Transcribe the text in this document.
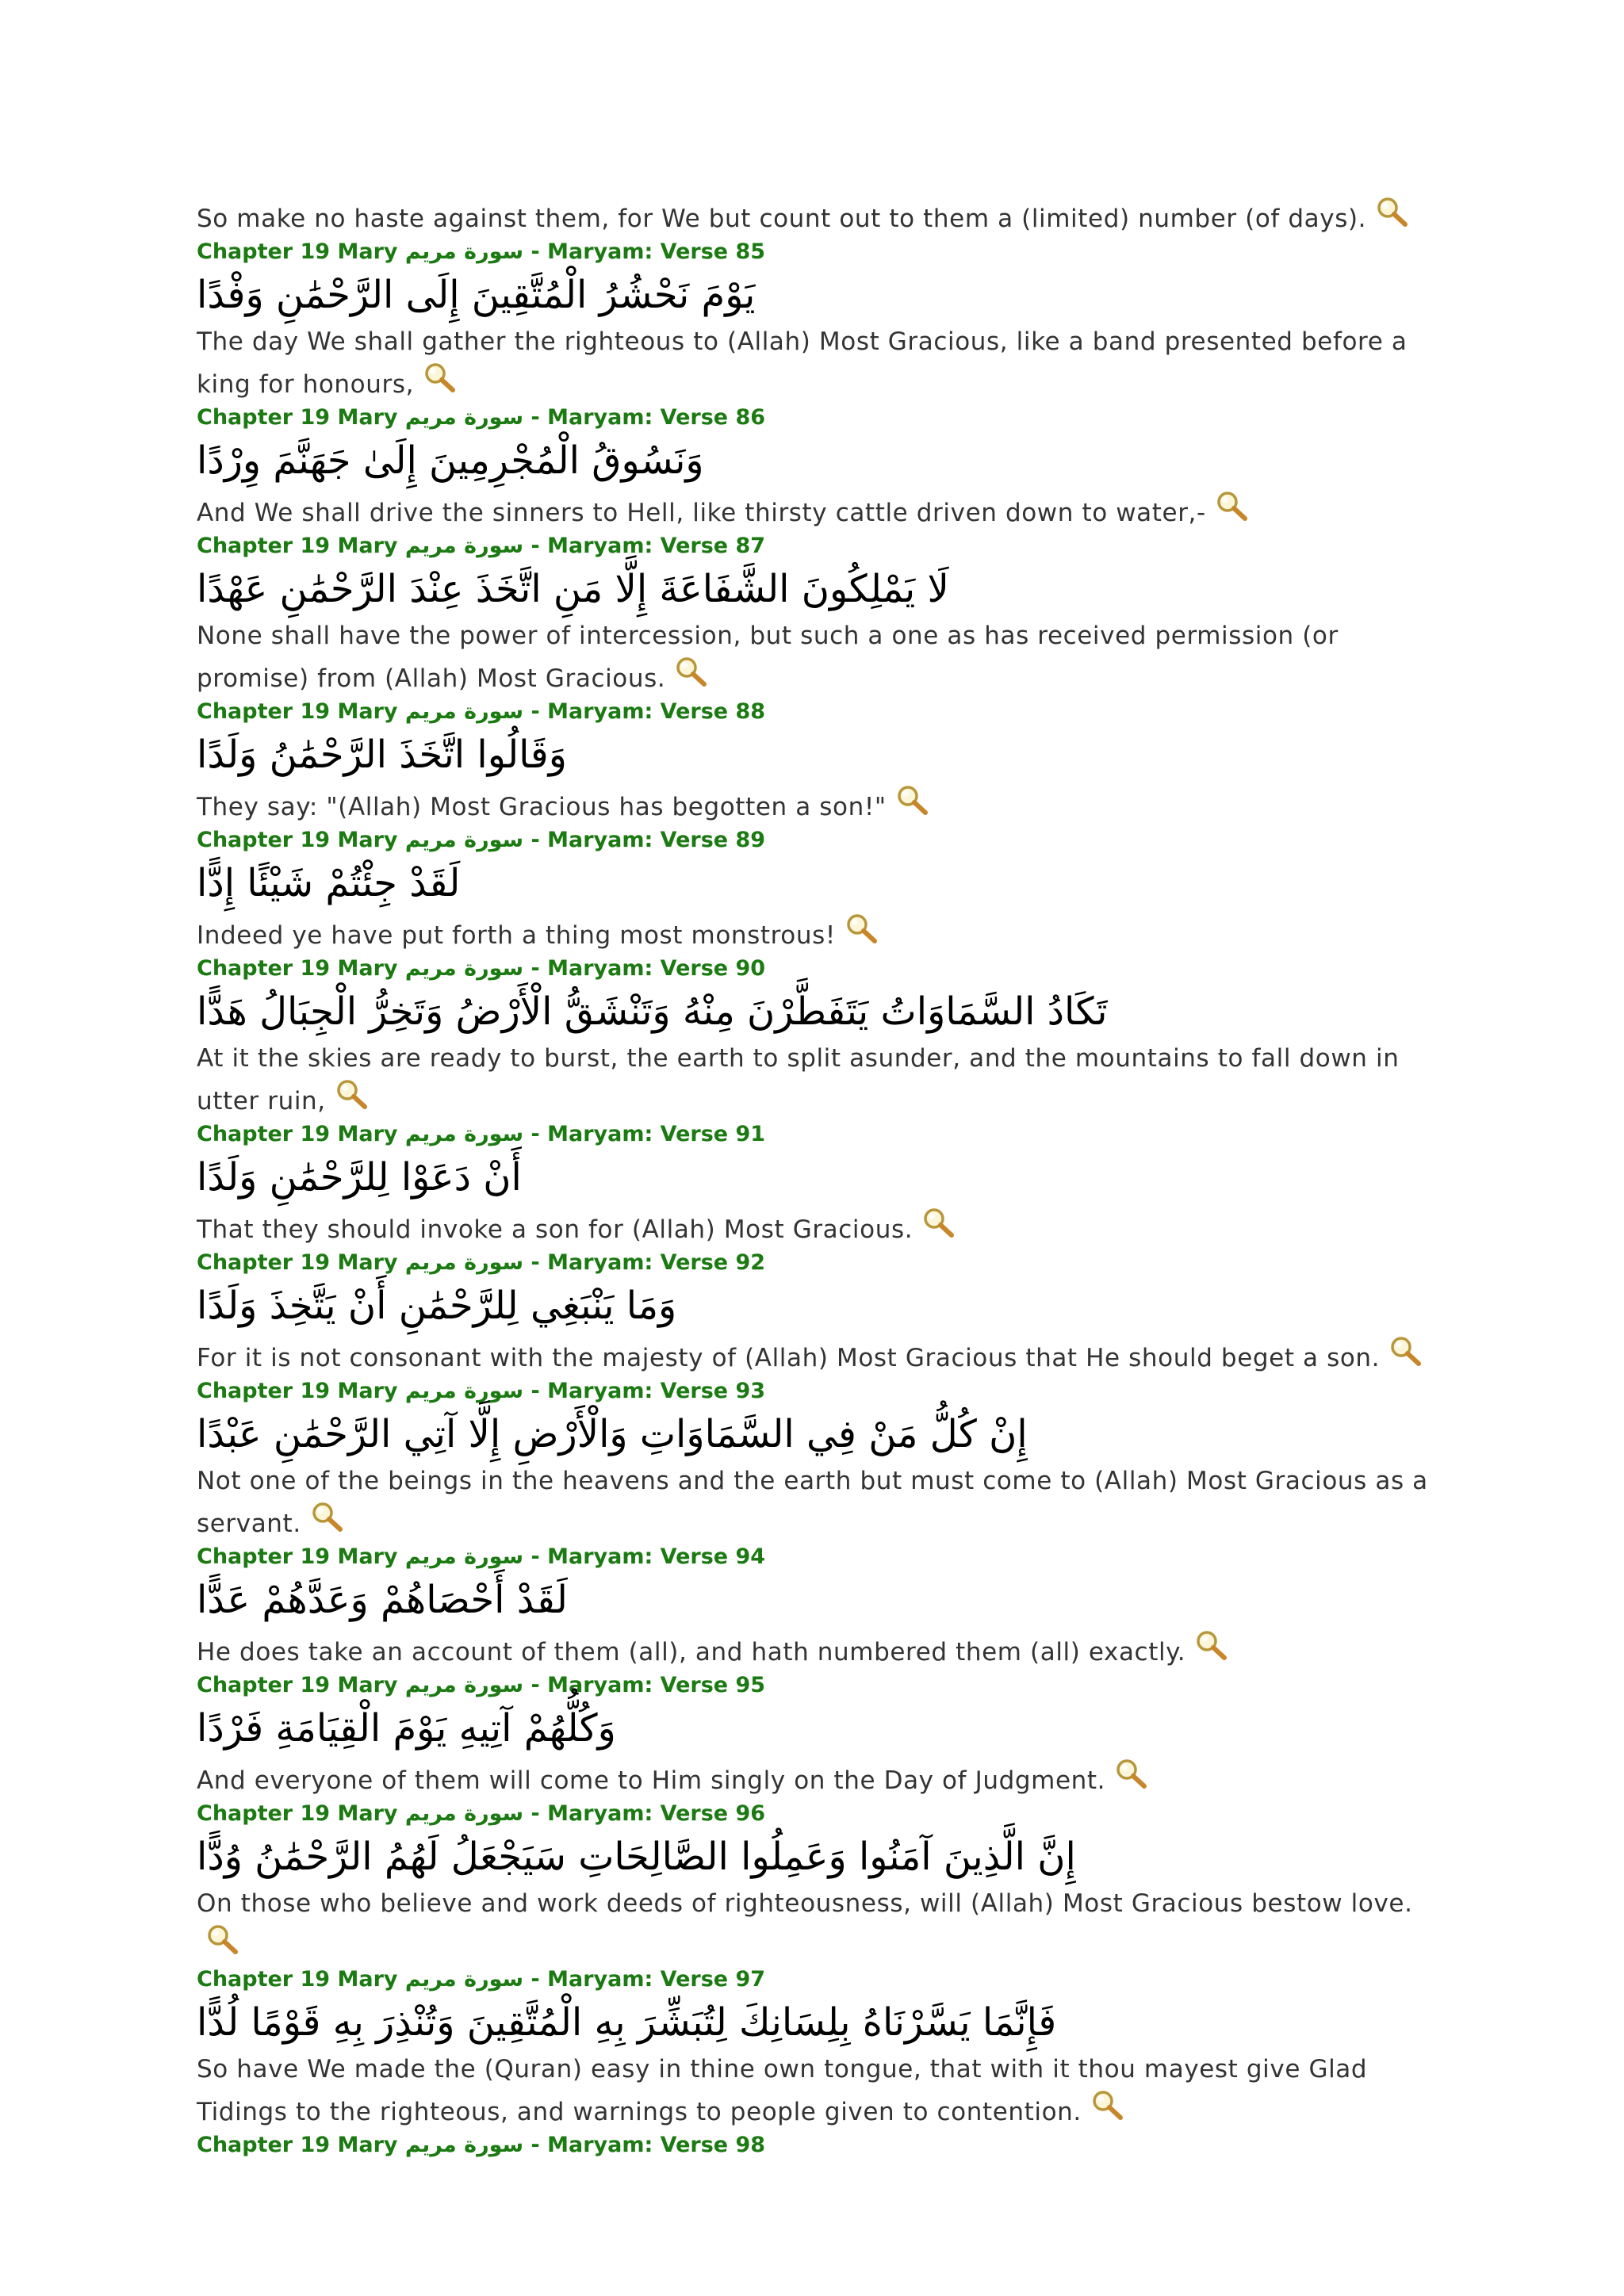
So make no haste against them, for We but count out to them a (limited) number (of days).

Chapter 19 Mary سورة مريم - Maryam: Verse 85

يَوْمَ نَحْشُرُ الْمُتَّقِينَ إِلَى الرَّحْمَٰنِ وَفْدًا

The day We shall gather the righteous to (Allah) Most Gracious, like a band presented before a king for honours,

Chapter 19 Mary سورة مريم - Maryam: Verse 86

وَنَسُوقُ الْمُجْرِمِينَ إِلَىٰ جَهَنَّمَ وِرْدًا

And We shall drive the sinners to Hell, like thirsty cattle driven down to water,-

Chapter 19 Mary سورة مريم - Maryam: Verse 87

لَا يَمْلِكُونَ الشَّفَاعَةَ إِلَّا مَنِ اتَّخَذَ عِنْدَ الرَّحْمَٰنِ عَهْدًا

None shall have the power of intercession, but such a one as has received permission (or promise) from (Allah) Most Gracious.

Chapter 19 Mary سورة مريم - Maryam: Verse 88

وَقَالُوا اتَّخَذَ الرَّحْمَٰنُ وَلَدًا

They say: "(Allah) Most Gracious has begotten a son!"

Chapter 19 Mary سورة مريم - Maryam: Verse 89

لَقَدْ جِئْتُمْ شَيْئًا إِدًّا

Indeed ye have put forth a thing most monstrous!

Chapter 19 Mary سورة مريم - Maryam: Verse 90

تَكَادُ السَّمَاوَاتُ يَتَفَطَّرْنَ مِنْهُ وَتَنْشَقُّ الْأَرْضُ وَتَخِرُّ الْجِبَالُ هَدًّا

At it the skies are ready to burst, the earth to split asunder, and the mountains to fall down in utter ruin,

Chapter 19 Mary سورة مريم - Maryam: Verse 91

أَنْ دَعَوْا لِلرَّحْمَٰنِ وَلَدًا

That they should invoke a son for (Allah) Most Gracious.

Chapter 19 Mary سورة مريم - Maryam: Verse 92

وَمَا يَنْبَغِي لِلرَّحْمَٰنِ أَنْ يَتَّخِذَ وَلَدًا

For it is not consonant with the majesty of (Allah) Most Gracious that He should beget a son.

Chapter 19 Mary سورة مريم - Maryam: Verse 93

إِنْ كُلُّ مَنْ فِي السَّمَاوَاتِ وَالْأَرْضِ إِلَّا آتِي الرَّحْمَٰنِ عَبْدًا

Not one of the beings in the heavens and the earth but must come to (Allah) Most Gracious as a servant.

Chapter 19 Mary سورة مريم - Maryam: Verse 94

لَقَدْ أَحْصَاهُمْ وَعَدَّهُمْ عَدًّا

He does take an account of them (all), and hath numbered them (all) exactly.

Chapter 19 Mary سورة مريم - Maryam: Verse 95

وَكُلُّهُمْ آتِيهِ يَوْمَ الْقِيَامَةِ فَرْدًا

And everyone of them will come to Him singly on the Day of Judgment.

Chapter 19 Mary سورة مريم - Maryam: Verse 96

إِنَّ الَّذِينَ آمَنُوا وَعَمِلُوا الصَّالِحَاتِ سَيَجْعَلُ لَهُمُ الرَّحْمَٰنُ وُدًّا

On those who believe and work deeds of righteousness, will (Allah) Most Gracious bestow love.

Chapter 19 Mary سورة مريم - Maryam: Verse 97

فَإِنَّمَا يَسَّرْنَاهُ بِلِسَانِكَ لِتُبَشِّرَ بِهِ الْمُتَّقِينَ وَتُنْذِرَ بِهِ قَوْمًا لُدًّا

So have We made the (Quran) easy in thine own tongue, that with it thou mayest give Glad Tidings to the righteous, and warnings to people given to contention.

Chapter 19 Mary سورة مريم - Maryam: Verse 98
